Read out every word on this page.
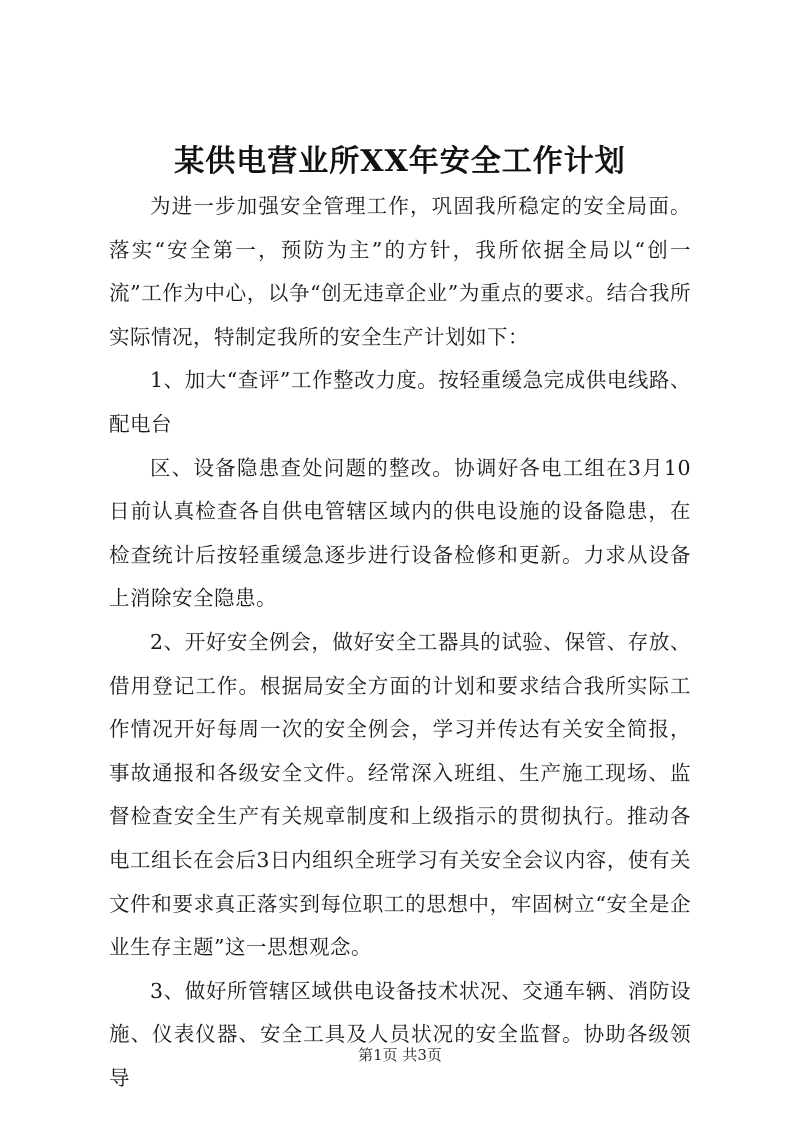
某供电营业所XX年安全工作计划

为进一步加强安全管理工作，巩固我所稳定的安全局面。落实“安全第一，预防为主”的方针，我所依据全局以“创一流”工作为中心，以争“创无违章企业”为重点的要求。结合我所实际情况，特制定我所的安全生产计划如下：

1、加大“查评”工作整改力度。按轻重缓急完成供电线路、配电台

区、设备隐患查处问题的整改。协调好各电工组在3月10日前认真检查各自供电管辖区域内的供电设施的设备隐患，在检查统计后按轻重缓急逐步进行设备检修和更新。力求从设备上消除安全隐患。

2、开好安全例会，做好安全工器具的试验、保管、存放、借用登记工作。根据局安全方面的计划和要求结合我所实际工作情况开好每周一次的安全例会，学习并传达有关安全简报，事故通报和各级安全文件。经常深入班组、生产施工现场、监督检查安全生产有关规章制度和上级指示的贯彻执行。推动各电工组长在会后3日内组织全班学习有关安全会议内容，使有关文件和要求真正落实到每位职工的思想中，牢固树立“安全是企业生存主题”这一思想观念。

3、做好所管辖区域供电设备技术状况、交通车辆、消防设施、仪表仪器、安全工具及人员状况的安全监督。协助各级领导

第1页 共3页
